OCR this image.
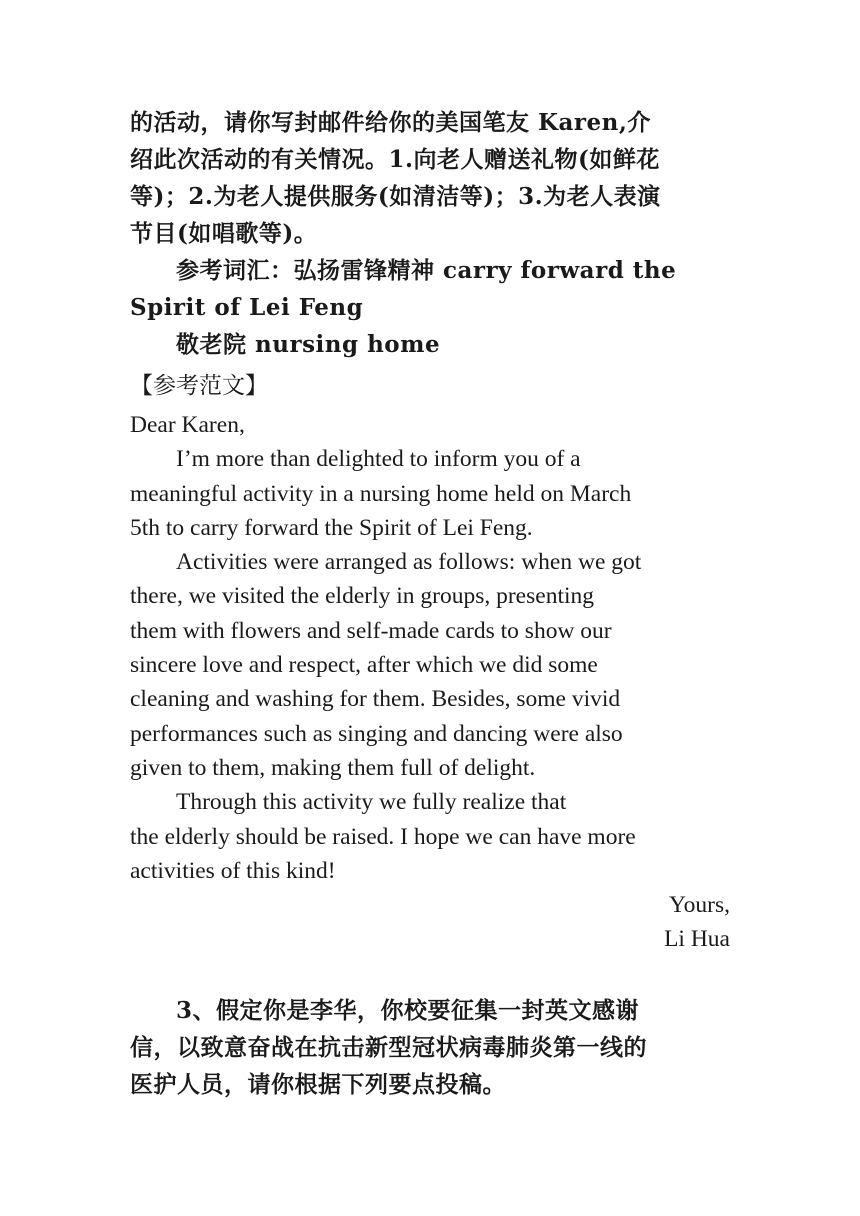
的活动，请你写封邮件给你的美国笔友 Karen,介

绍此次活动的有关情况。1.向老人赠送礼物(如鲜花

等)；2.为老人提供服务(如清洁等)；3.为老人表演

节目(如唱歌等)。

参考词汇：弘扬雷锋精神 carry forward the

Spirit of Lei Feng

敬老院 nursing home

【参考范文】

Dear Karen,

I’m more than delighted to inform you of a

meaningful activity in a nursing home held on March

5th to carry forward the Spirit of Lei Feng.

Activities were arranged as follows: when we got

there, we visited the elderly in groups, presenting

them with flowers and self-made cards to show our

sincere love and respect, after which we did some

cleaning and washing for them. Besides, some vivid

performances such as singing and dancing were also

given to them, making them full of delight.

Through this activity we fully realize that

the elderly should be raised. I hope we can have more

activities of this kind!

Yours,

Li Hua

3、假定你是李华，你校要征集一封英文感谢

信，以致意奋战在抗击新型冠状病毒肺炎第一线的

医护人员，请你根据下列要点投稿。
